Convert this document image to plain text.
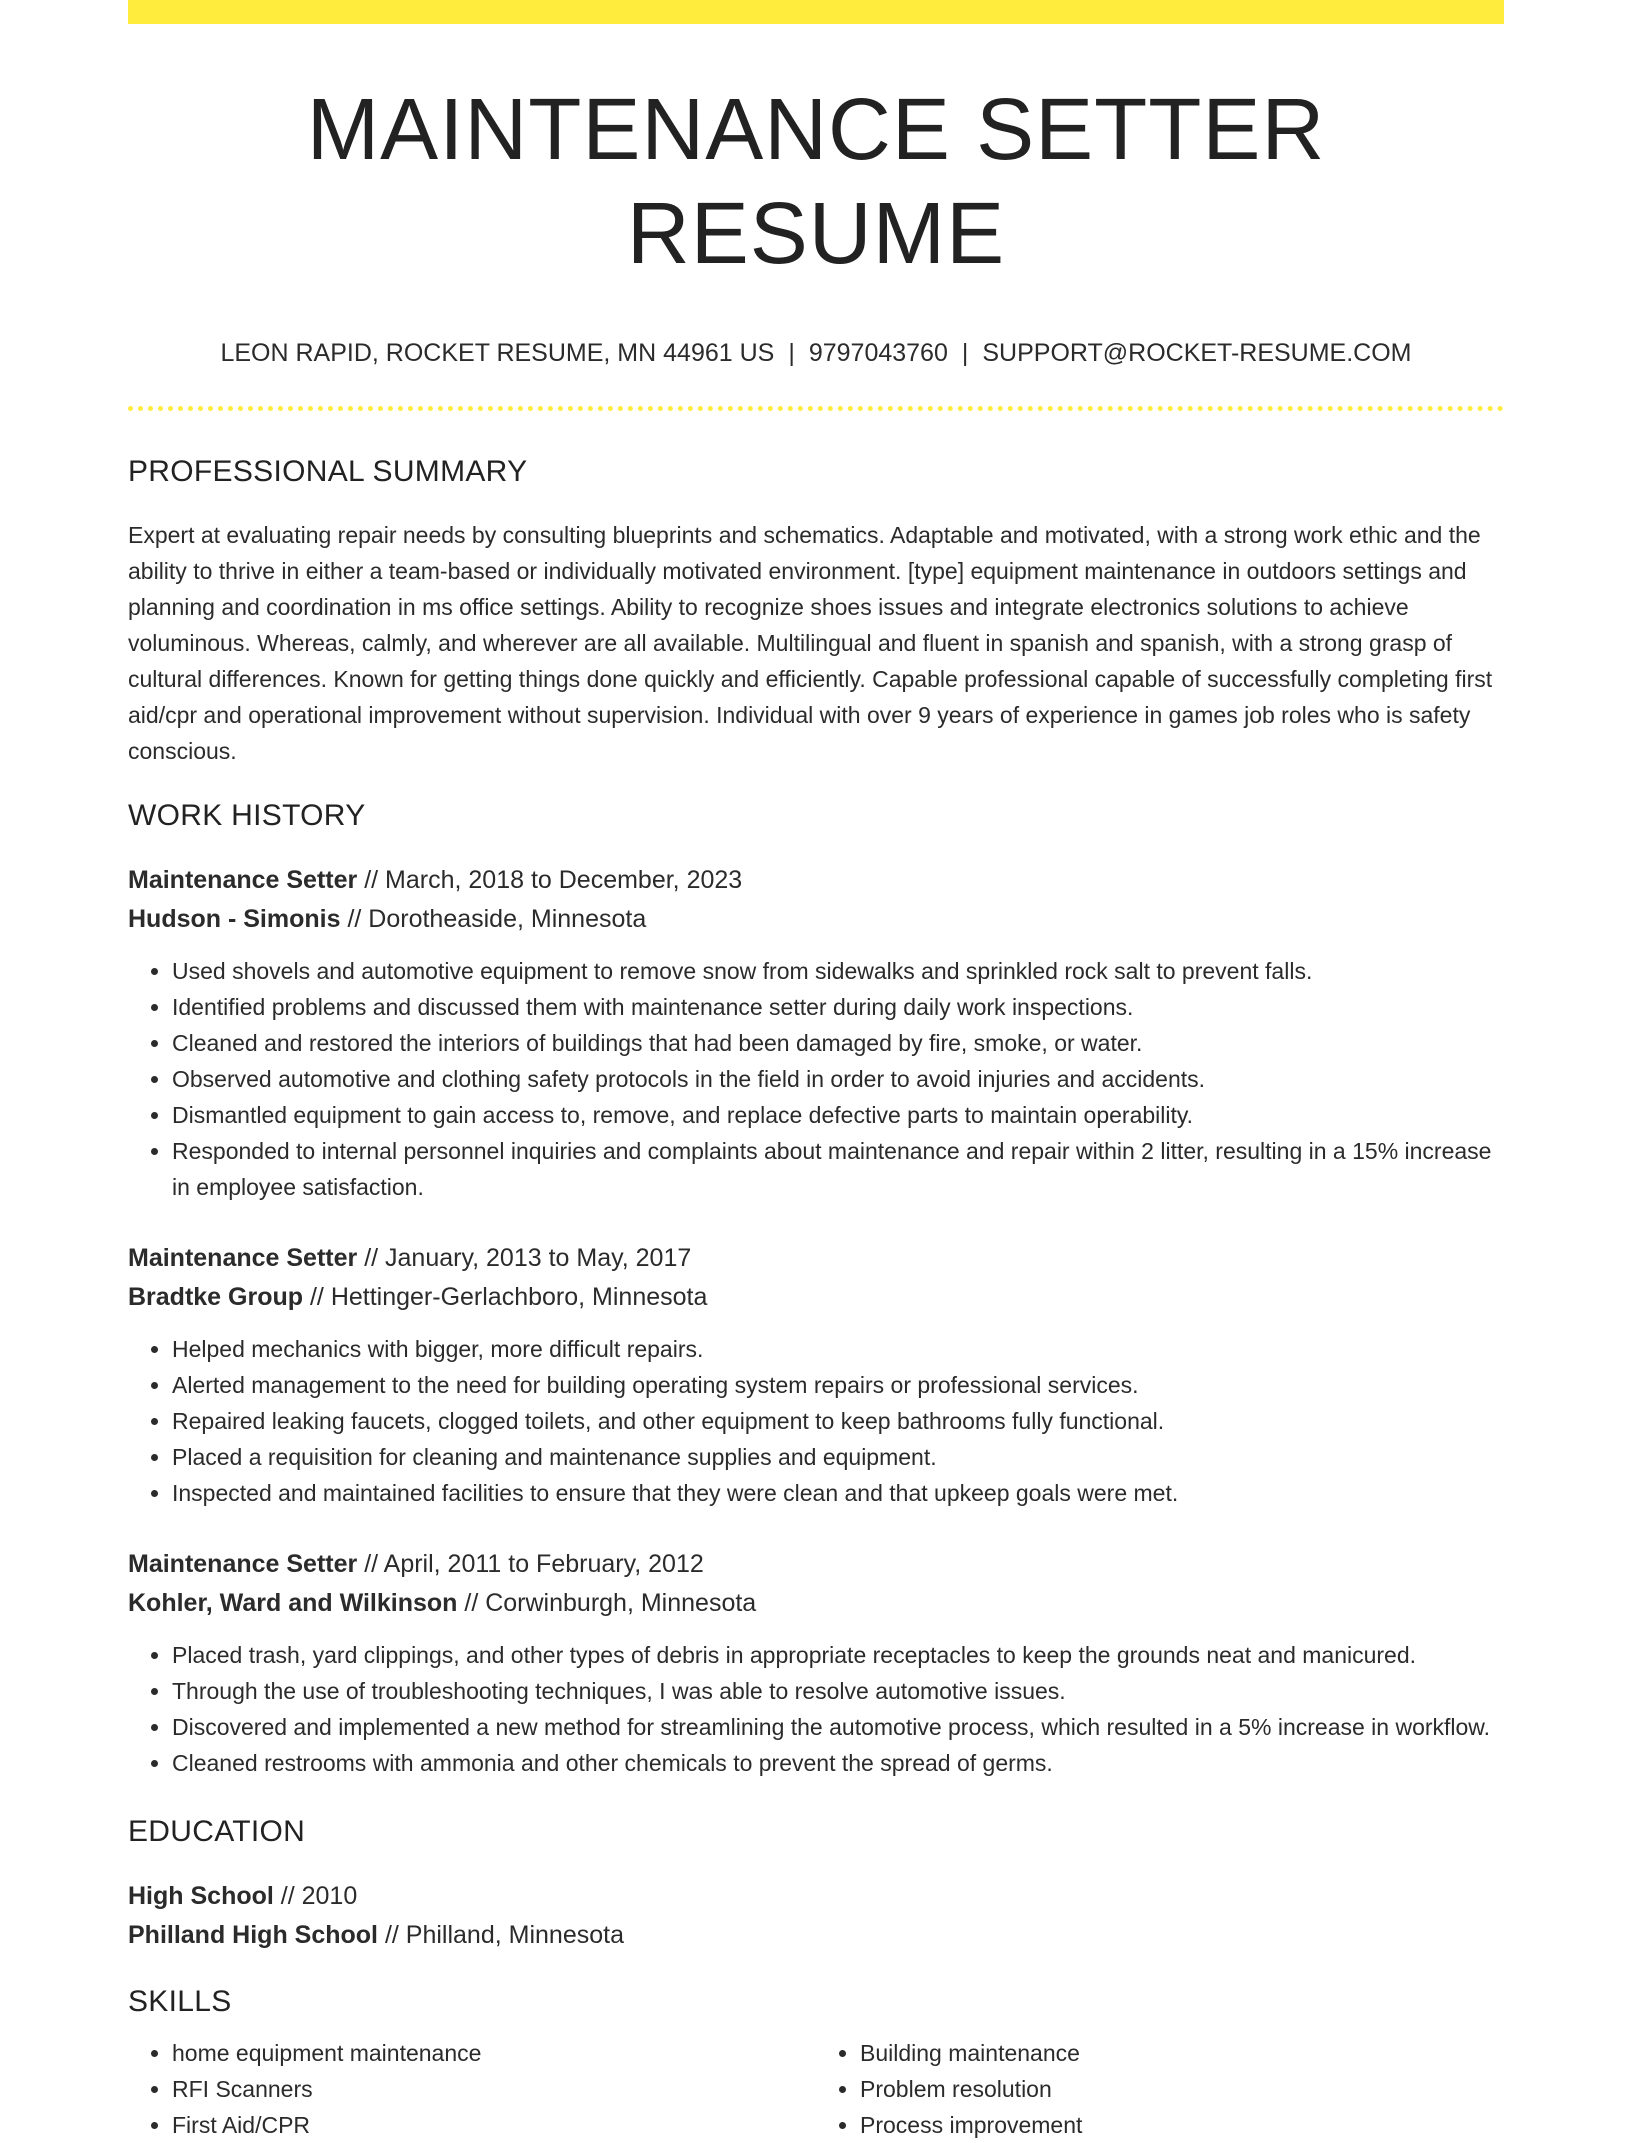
MAINTENANCE SETTER RESUME
LEON RAPID, ROCKET RESUME, MN 44961 US | 9797043760 | SUPPORT@ROCKET-RESUME.COM
PROFESSIONAL SUMMARY
Expert at evaluating repair needs by consulting blueprints and schematics. Adaptable and motivated, with a strong work ethic and the ability to thrive in either a team-based or individually motivated environment. [type] equipment maintenance in outdoors settings and planning and coordination in ms office settings. Ability to recognize shoes issues and integrate electronics solutions to achieve voluminous. Whereas, calmly, and wherever are all available. Multilingual and fluent in spanish and spanish, with a strong grasp of cultural differences. Known for getting things done quickly and efficiently. Capable professional capable of successfully completing first aid/cpr and operational improvement without supervision. Individual with over 9 years of experience in games job roles who is safety conscious.
WORK HISTORY
Maintenance Setter // March, 2018 to December, 2023
Hudson - Simonis // Dorotheaside, Minnesota
• Used shovels and automotive equipment to remove snow from sidewalks and sprinkled rock salt to prevent falls.
• Identified problems and discussed them with maintenance setter during daily work inspections.
• Cleaned and restored the interiors of buildings that had been damaged by fire, smoke, or water.
• Observed automotive and clothing safety protocols in the field in order to avoid injuries and accidents.
• Dismantled equipment to gain access to, remove, and replace defective parts to maintain operability.
• Responded to internal personnel inquiries and complaints about maintenance and repair within 2 litter, resulting in a 15% increase in employee satisfaction.
Maintenance Setter // January, 2013 to May, 2017
Bradtke Group // Hettinger-Gerlachboro, Minnesota
• Helped mechanics with bigger, more difficult repairs.
• Alerted management to the need for building operating system repairs or professional services.
• Repaired leaking faucets, clogged toilets, and other equipment to keep bathrooms fully functional.
• Placed a requisition for cleaning and maintenance supplies and equipment.
• Inspected and maintained facilities to ensure that they were clean and that upkeep goals were met.
Maintenance Setter // April, 2011 to February, 2012
Kohler, Ward and Wilkinson // Corwinburgh, Minnesota
• Placed trash, yard clippings, and other types of debris in appropriate receptacles to keep the grounds neat and manicured.
• Through the use of troubleshooting techniques, I was able to resolve automotive issues.
• Discovered and implemented a new method for streamlining the automotive process, which resulted in a 5% increase in workflow.
• Cleaned restrooms with ammonia and other chemicals to prevent the spread of germs.
EDUCATION
High School // 2010
Philland High School // Philland, Minnesota
SKILLS
• home equipment maintenance
• RFI Scanners
• First Aid/CPR
• Building maintenance
• Problem resolution
• Process improvement
